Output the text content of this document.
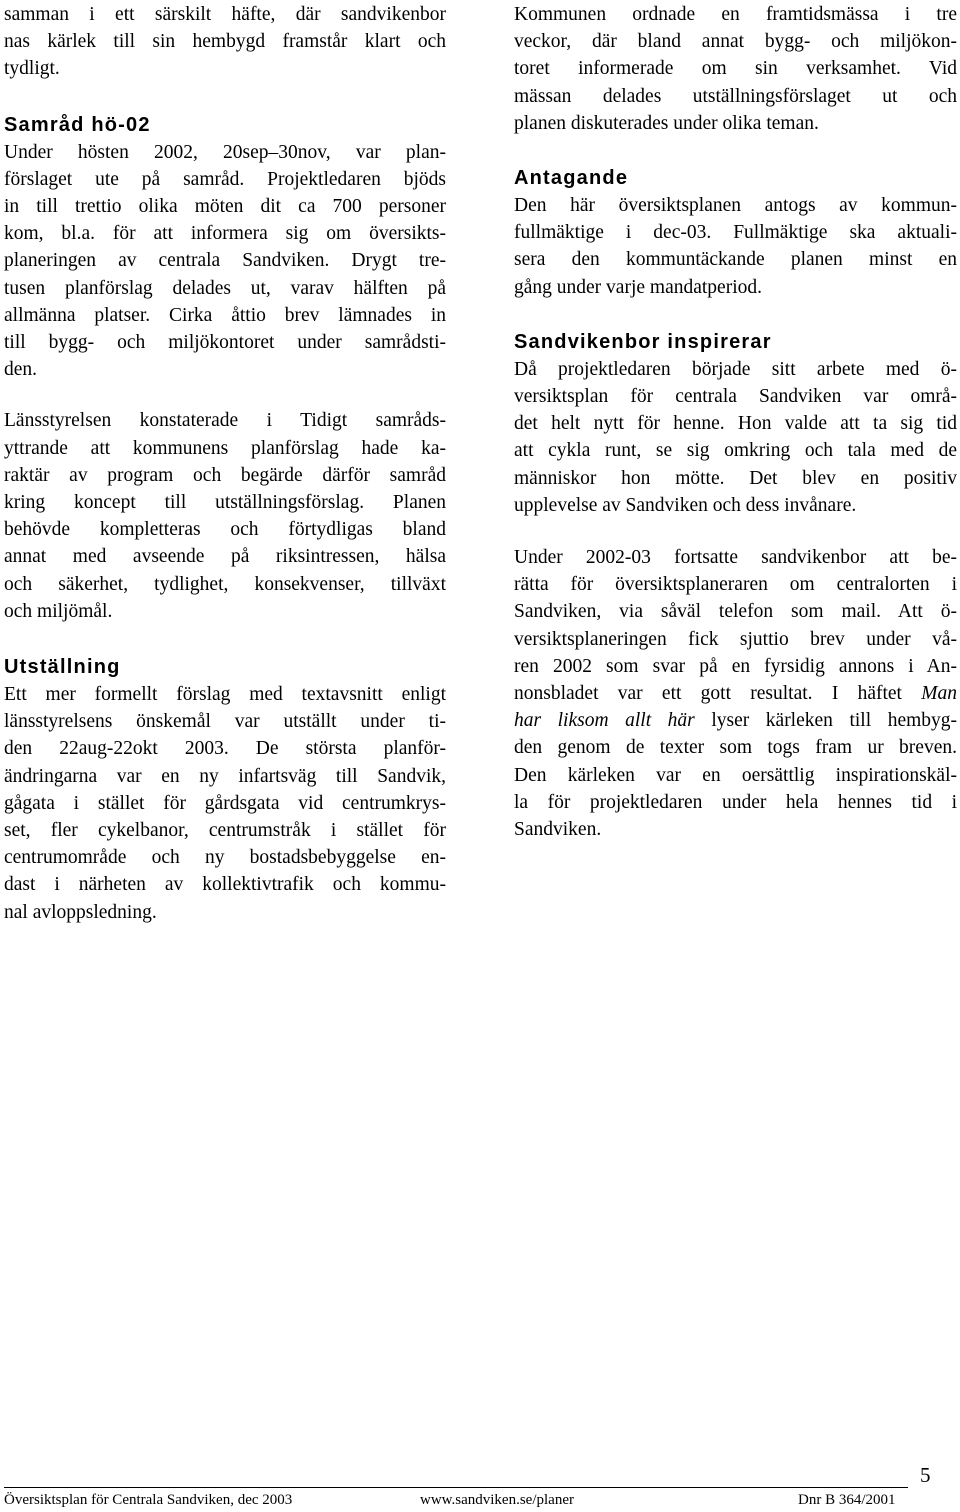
samman i ett särskilt häfte, där sandvikenbor
nas kärlek till sin hembygd framstår klart och
tydligt.

Samråd hö-02

Under hösten 2002, 20sep–30nov, var plan-
förslaget ute på samråd. Projektledaren bjöds
in till trettio olika möten dit ca 700 personer
kom, bl.a. för att informera sig om översikts-
planeringen av centrala Sandviken. Drygt tre-
tusen planförslag delades ut, varav hälften på
allmänna platser. Cirka åttio brev lämnades in
till bygg- och miljökontoret under samrådsti-
den.

Länsstyrelsen konstaterade i Tidigt samråds-
yttrande att kommunens planförslag hade ka-
raktär av program och begärde därför samråd
kring koncept till utställningsförslag. Planen
behövde kompletteras och förtydligas bland
annat med avseende på riksintressen, hälsa
och säkerhet, tydlighet, konsekvenser, tillväxt
och miljömål.

Utställning

Ett mer formellt förslag med textavsnitt enligt
länsstyrelsens önskemål var utställt under ti-
den 22aug-22okt 2003. De största planför-
ändringarna var en ny infartsväg till Sandvik,
gågata i stället för gårdsgata vid centrumkrys-
set, fler cykelbanor, centrumstråk i stället för
centrumområde och ny bostadsbebyggelse en-
dast i närheten av kollektivtrafik och kommu-
nal avloppsledning.

Kommunen ordnade en framtidsmässa i tre
veckor, där bland annat bygg- och miljökon-
toret informerade om sin verksamhet. Vid
mässan delades utställningsförslaget ut och
planen diskuterades under olika teman.

Antagande

Den här översiktsplanen antogs av kommun-
fullmäktige i dec-03. Fullmäktige ska aktuali-
sera den kommuntäckande planen minst en
gång under varje mandatperiod.

Sandvikenbor inspirerar

Då projektledaren började sitt arbete med ö-
versiktsplan för centrala Sandviken var områ-
det helt nytt för henne. Hon valde att ta sig tid
att cykla runt, se sig omkring och tala med de
människor hon mötte. Det blev en positiv
upplevelse av Sandviken och dess invånare.

Under 2002-03 fortsatte sandvikenbor att be-
rätta för översiktsplaneraren om centralorten i
Sandviken, via såväl telefon som mail. Att ö-
versiktsplaneringen fick sjuttio brev under vå-
ren 2002 som svar på en fyrsidig annons i An-
nonsbladet var ett gott resultat. I häftet Man
har liksom allt här lyser kärleken till hembyg-
den genom de texter som togs fram ur breven.
Den kärleken var en oersättlig inspirationskäl-
la för projektledaren under hela hennes tid i
Sandviken.

5
Översiktsplan för Centrala Sandviken, dec 2003	www.sandviken.se/planer	Dnr B 364/2001
